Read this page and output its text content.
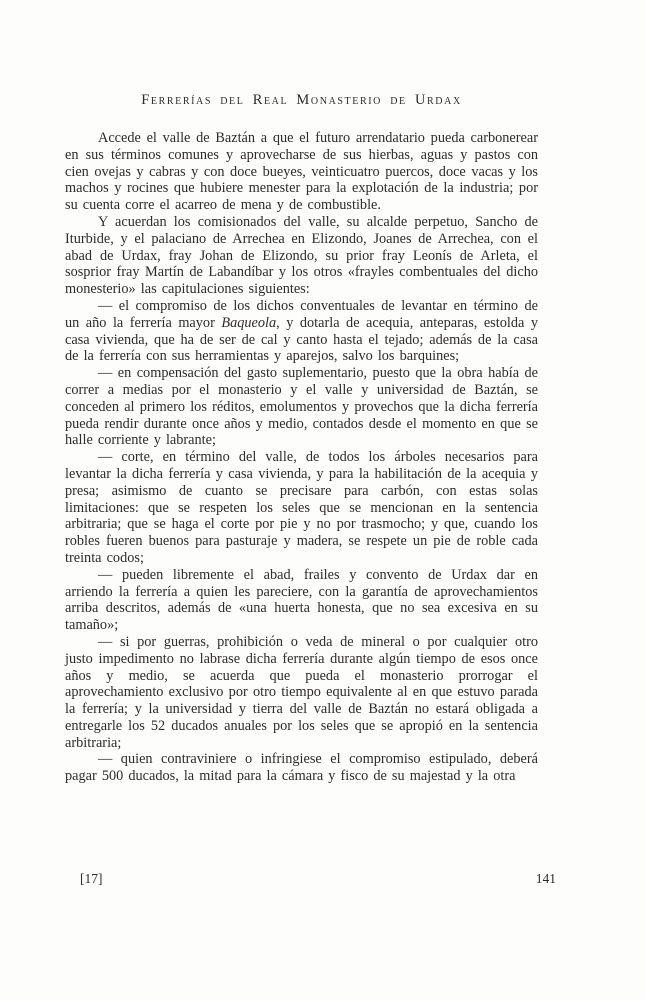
Ferrerías del Real Monasterio de Urdax

Accede el valle de Baztán a que el futuro arrendatario pueda carbonerear en sus términos comunes y aprovecharse de sus hierbas, aguas y pastos con cien ovejas y cabras y con doce bueyes, veinticuatro puercos, doce vacas y los machos y rocines que hubiere menester para la explotación de la industria; por su cuenta corre el acarreo de mena y de combustible.

Y acuerdan los comisionados del valle, su alcalde perpetuo, Sancho de Iturbide, y el palaciano de Arrechea en Elizondo, Joanes de Arrechea, con el abad de Urdax, fray Johan de Elizondo, su prior fray Leonís de Arleta, el sosprior fray Martín de Labandíbar y los otros «frayles combentuales del dicho monesterio» las capitulaciones siguientes:

— el compromiso de los dichos conventuales de levantar en término de un año la ferrería mayor Baqueola, y dotarla de acequia, anteparas, estolda y casa vivienda, que ha de ser de cal y canto hasta el tejado; además de la casa de la ferrería con sus herramientas y aparejos, salvo los barquines;

— en compensación del gasto suplementario, puesto que la obra había de correr a medias por el monasterio y el valle y universidad de Baztán, se conceden al primero los réditos, emolumentos y provechos que la dicha ferrería pueda rendir durante once años y medio, contados desde el momento en que se halle corriente y labrante;

— corte, en término del valle, de todos los árboles necesarios para levantar la dicha ferrería y casa vivienda, y para la habilitación de la acequia y presa; asimismo de cuanto se precisare para carbón, con estas solas limitaciones: que se respeten los seles que se mencionan en la sentencia arbitraria; que se haga el corte por pie y no por trasmocho; y que, cuando los robles fueren buenos para pasturaje y madera, se respete un pie de roble cada treinta codos;

— pueden libremente el abad, frailes y convento de Urdax dar en arriendo la ferrería a quien les pareciere, con la garantía de aprovechamientos arriba descritos, además de «una huerta honesta, que no sea excesiva en su tamaño»;

— si por guerras, prohibición o veda de mineral o por cualquier otro justo impedimento no labrase dicha ferrería durante algún tiempo de esos once años y medio, se acuerda que pueda el monasterio prorrogar el aprovechamiento exclusivo por otro tiempo equivalente al en que estuvo parada la ferrería; y la universidad y tierra del valle de Baztán no estará obligada a entregarle los 52 ducados anuales por los seles que se apropió en la sentencia arbitraria;

— quien contraviniere o infringiese el compromiso estipulado, deberá pagar 500 ducados, la mitad para la cámara y fisco de su majestad y la otra

[17]	141
